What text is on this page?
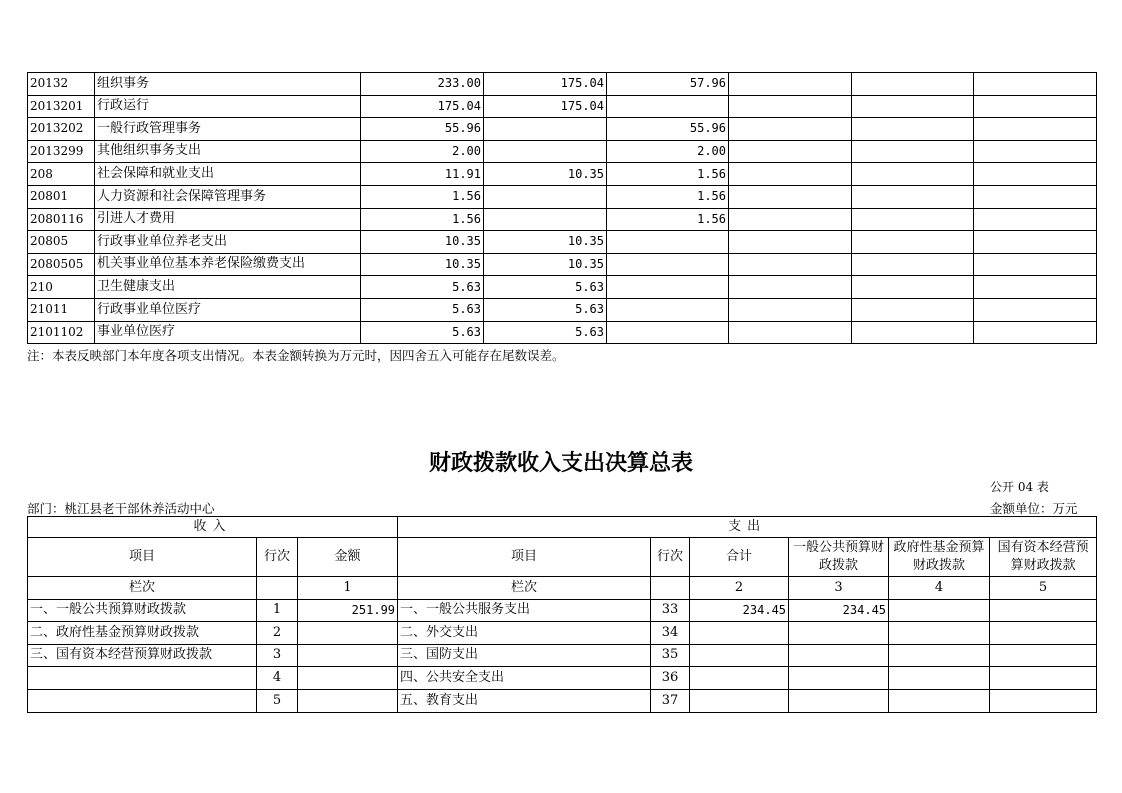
20132	组织事务	233.00	175.04	57.96			
2013201	行政运行	175.04	175.04				
2013202	一般行政管理事务	55.96		55.96			
2013299	其他组织事务支出	2.00		2.00			
208	社会保障和就业支出	11.91	10.35	1.56			
20801	人力资源和社会保障管理事务	1.56		1.56			
2080116	引进人才费用	1.56		1.56			
20805	行政事业单位养老支出	10.35	10.35				
2080505	机关事业单位基本养老保险缴费支出	10.35	10.35				
210	卫生健康支出	5.63	5.63				
21011	行政事业单位医疗	5.63	5.63				
2101102	事业单位医疗	5.63	5.63				
注：本表反映部门本年度各项支出情况。本表金额转换为万元时，因四舍五入可能存在尾数误差。
财政拨款收入支出决算总表
公开 04 表
部门：桃江县老干部休养活动中心	金额单位：万元
收入			支出					
项目	行次	金额	项目	行次	合计	一般公共预算财政拨款	政府性基金预算财政拨款	国有资本经营预算财政拨款
栏次		1	栏次		2	3	4	5
一、一般公共预算财政拨款	1	251.99	一、一般公共服务支出	33	234.45	234.45		
二、政府性基金预算财政拨款	2		二、外交支出	34				
三、国有资本经营预算财政拨款	3		三、国防支出	35				
	4		四、公共安全支出	36				
	5		五、教育支出	37				
